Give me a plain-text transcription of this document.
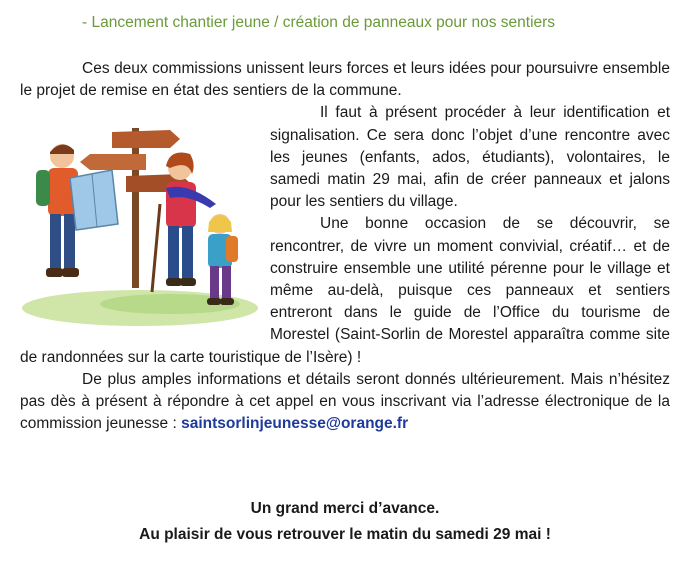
- Lancement chantier jeune / création de panneaux pour nos sentiers

Ces deux commissions unissent leurs forces et leurs idées pour poursuivre ensemble le projet de remise en état des sentiers de la commune.

Il faut à présent procéder à leur identification et signalisation. Ce sera donc l’objet d’une rencontre avec les jeunes (enfants, ados, étudiants), volontaires, le samedi matin 29 mai, afin de créer panneaux et jalons pour les sentiers du village.

Une bonne occasion de se découvrir, se rencontrer, de vivre un moment convivial, créatif… et de construire ensemble une utilité pérenne pour le village et même au-delà, puisque ces panneaux et sentiers entreront dans le guide de l’Office du tourisme de Morestel (Saint-Sorlin de Morestel apparaîtra comme site de randonnées sur la carte touristique de l’Isère) !

De plus amples informations et détails seront donnés ultérieurement. Mais n’hésitez pas dès à présent à répondre à cet appel en vous inscrivant via l’adresse électronique de la commission jeunesse : saintsorlinjeunesse@orange.fr

Un grand merci d’avance.
Au plaisir de vous retrouver le matin du samedi 29 mai !
